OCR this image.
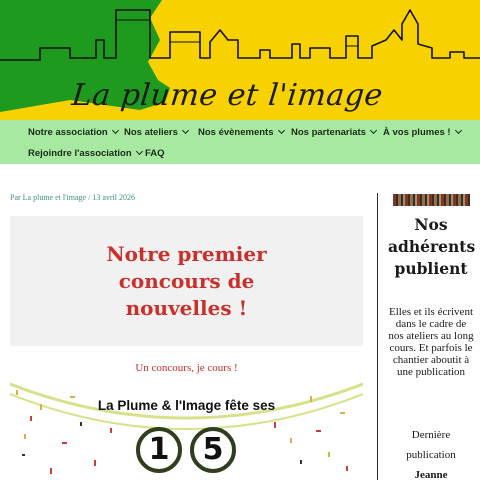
La plume et l'image
Notre association	Nos ateliers	Nos évènements	Nos partenariats	À vos plumes !
Rejoindre l'association	FAQ
Par La plume et l'image / 13 avril 2026
Notre premier concours de nouvelles !
Un concours, je cours !
La Plume & l'Image fête ses
1	5
Nos adhérents publient
Elles et ils écrivent dans le cadre de nos ateliers au long cours. Et parfois le chantier aboutit à une publication
Dernière
publication
Jeanne
